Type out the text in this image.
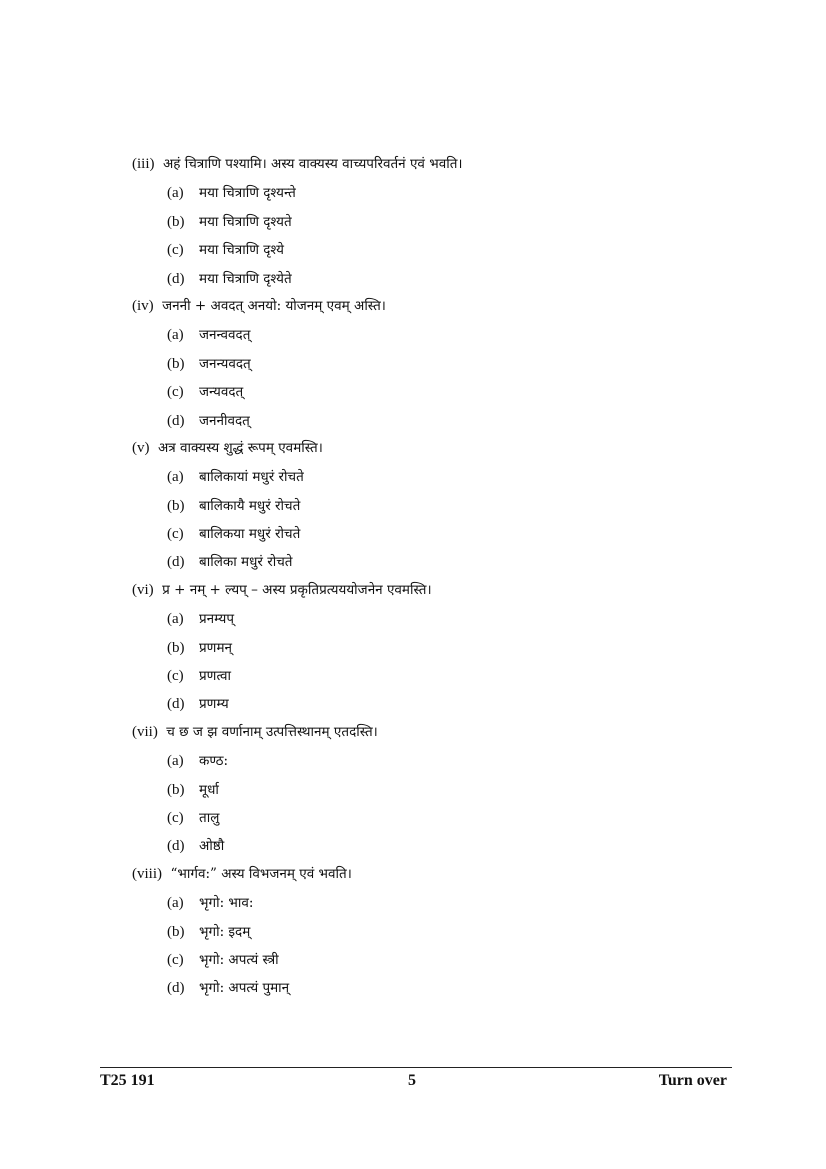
(iii) अहं चित्राणि पश्यामि। अस्य वाक्यस्य वाच्यपरिवर्तनं एवं भवति।
(a) मया चित्राणि दृश्यन्ते
(b) मया चित्राणि दृश्यते
(c) मया चित्राणि दृश्ये
(d) मया चित्राणि दृश्येते
(iv) जननी + अवदत् अनयो: योजनम् एवम् अस्ति।
(a) जनन्ववदत्
(b) जनन्यवदत्
(c) जन्यवदत्
(d) जननीवदत्
(v) अत्र वाक्यस्य शुद्धं रूपम् एवमस्ति।
(a) बालिकायां मधुरं रोचते
(b) बालिकायै मधुरं रोचते
(c) बालिकया मधुरं रोचते
(d) बालिका मधुरं रोचते
(vi) प्र + नम् + ल्यप् – अस्य प्रकृतिप्रत्यययोजनेन एवमस्ति।
(a) प्रनम्यप्
(b) प्रणमन्
(c) प्रणत्वा
(d) प्रणम्य
(vii) च छ ज झ वर्णानाम् उत्पत्तिस्थानम् एतदस्ति।
(a) कण्ठ:
(b) मूर्धा
(c) तालु
(d) ओष्ठौ
(viii) “भार्गव:” अस्य विभजनम् एवं भवति।
(a) भृगो: भाव:
(b) भृगो: इदम्
(c) भृगो: अपत्यं स्त्री
(d) भृगो: अपत्यं पुमान्
T25 191	5	Turn over
